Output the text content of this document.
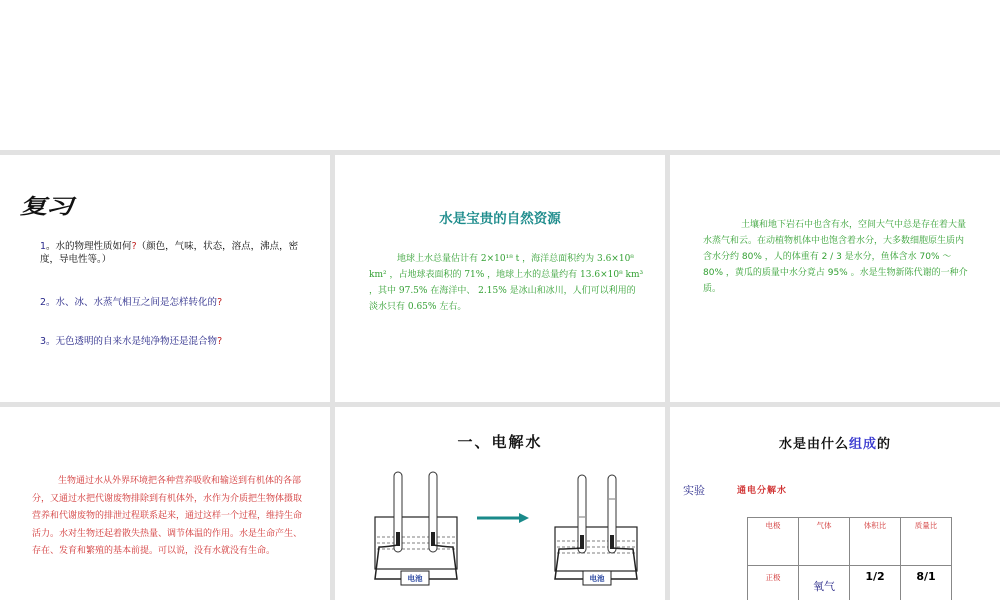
复习
1。水的物理性质如何?（颜色，气味，状态，溶点，沸点，密度，导电性等。）
2。水、冰、水蒸气相互之间是怎样转化的?
3。无色透明的自来水是纯净物还是混合物?
水是宝贵的自然资源
地球上水总量估计有 2×10¹⁸ t ，海洋总面积约为 3.6×10⁸ km² ，占地球表面积的 71% ，地球上水的总量约有 13.6×10⁸ km³ ，其中 97.5% 在海洋中、 2.15% 是冰山和冰川，人们可以利用的淡水只有 0.65% 左右。
土壤和地下岩石中也含有水，空间大气中总是存在着大量水蒸气和云。在动植物机体中也饱含着水分，大多数细胞原生质内含水分约 80% ，人的体重有 2 / 3 是水分，鱼体含水 70% ～ 80% ，黄瓜的质量中水分竟占 95% 。水是生物新陈代谢的一种介质。
生物通过水从外界环境把各种营养吸收和输送到有机体的各部分，又通过水把代谢废物排除到有机体外，水作为介质把生物体摄取营养和代谢废物的排泄过程联系起来，通过这样一个过程，维持生命活力。水对生物还起着散失热量、调节体温的作用。水是生命产生、存在、发育和繁殖的基本前提。可以说，没有水就没有生命。
一、电解水
电池	电池
水是由什么组成的
实验	通电分解水
电极	气体	体积比	质量比
正极	氧气	1/2	8/1
